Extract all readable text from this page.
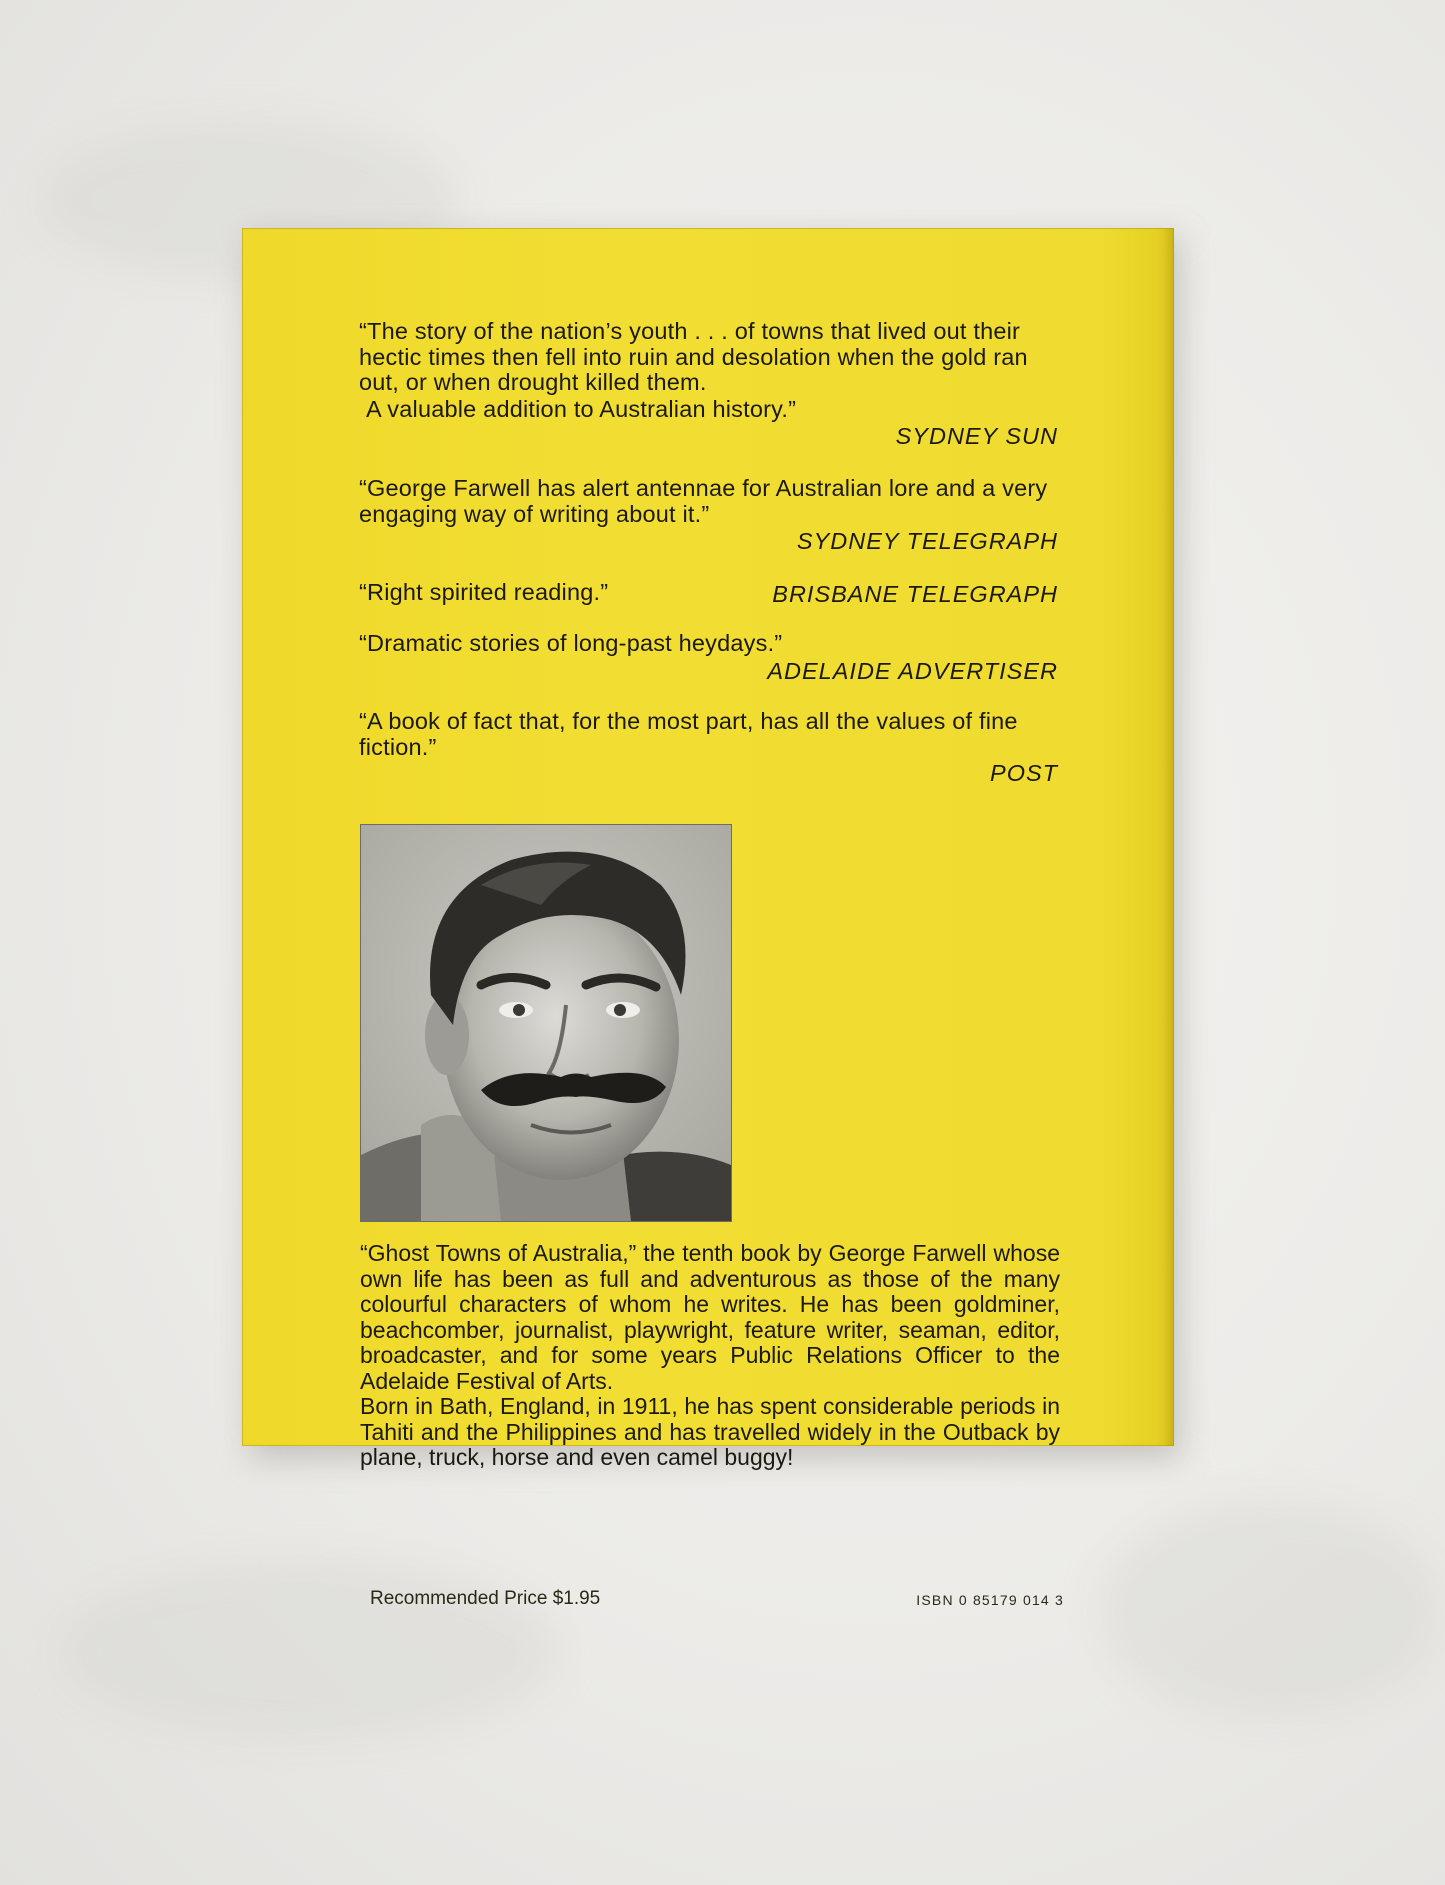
“The story of the nation’s youth . . . of towns that lived out their hectic times then fell into ruin and desolation when the gold ran out, or when drought killed them.
A valuable addition to Australian history.”
SYDNEY SUN
“George Farwell has alert antennae for Australian lore and a very engaging way of writing about it.”
SYDNEY TELEGRAPH
“Right spirited reading.”	BRISBANE TELEGRAPH
“Dramatic stories of long-past heydays.”
ADELAIDE ADVERTISER
“A book of fact that, for the most part, has all the values of fine fiction.”
POST
“Ghost Towns of Australia,” the tenth book by George Farwell whose own life has been as full and adventurous as those of the many colourful characters of whom he writes. He has been goldminer, beachcomber, journalist, playwright, feature writer, seaman, editor, broadcaster, and for some years Public Relations Officer to the Adelaide Festival of Arts.
Born in Bath, England, in 1911, he has spent considerable periods in Tahiti and the Philippines and has travelled widely in the Outback by plane, truck, horse and even camel buggy!
Recommended Price $1.95	ISBN 0 85179 014 3
